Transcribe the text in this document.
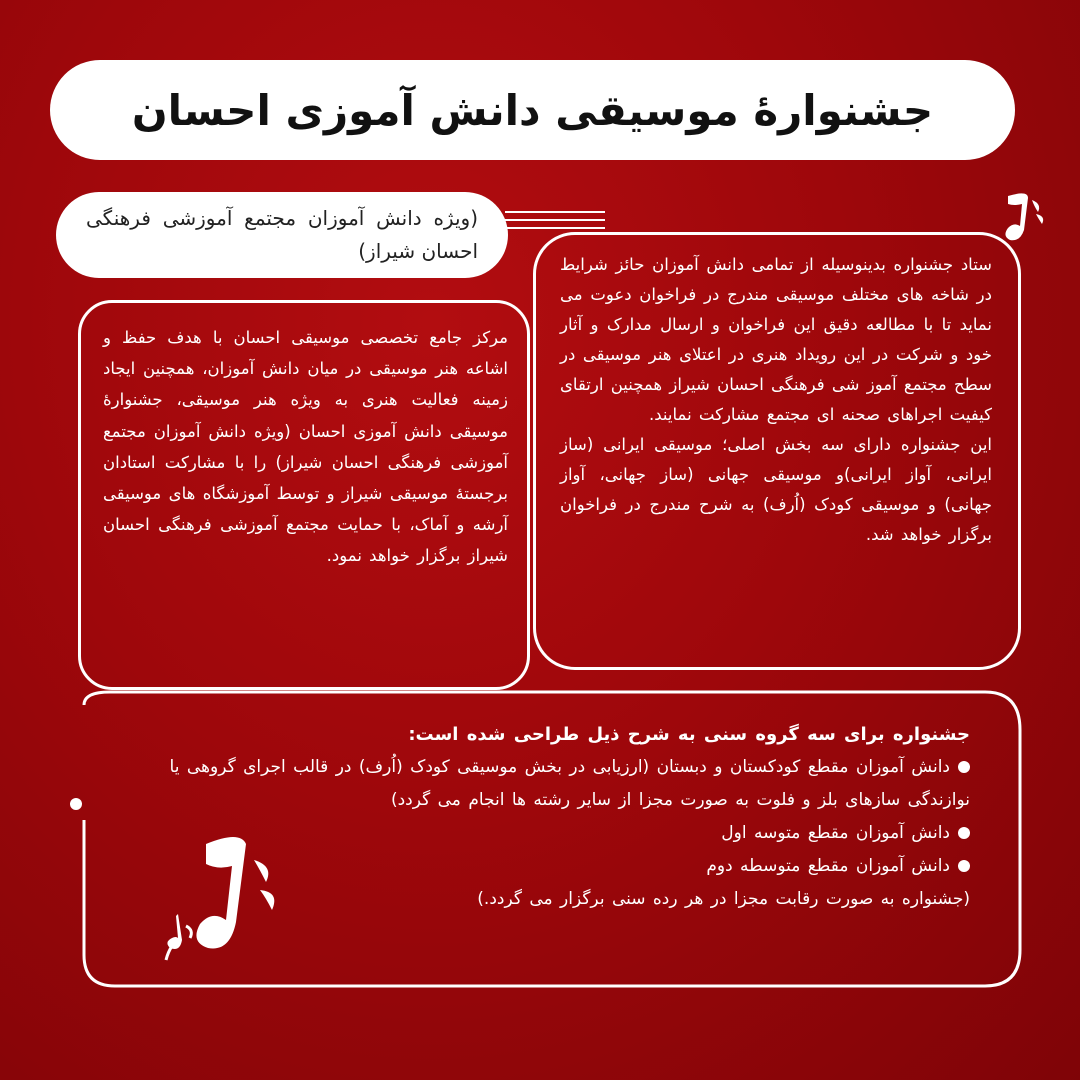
جشنوارۀ موسیقی دانش آموزی احسان
(ویژه دانش آموزان مجتمع آموزشی فرهنگی احسان شیراز)

ستاد جشنواره بدینوسیله از تمامی دانش آموزان حائز شرایط در شاخه های مختلف موسیقی مندرج در فراخوان دعوت می نماید تا با مطالعه دقیق این فراخوان و ارسال مدارک و آثار خود و شرکت در این رویداد هنری در اعتلای هنر موسیقی در سطح مجتمع آموز شی فرهنگی احسان شیراز همچنین ارتقای کیفیت اجراهای صحنه ای مجتمع مشارکت نمایند.

این جشنواره دارای سه بخش اصلی؛ موسیقی ایرانی (ساز ایرانی، آواز ایرانی)و موسیقی جهانی (ساز جهانی، آواز جهانی) و موسیقی کودک (اُرف) به شرح مندرج در فراخوان برگزار خواهد شد.

مرکز جامع تخصصی موسیقی احسان با هدف حفظ و اشاعه هنر موسیقی در میان دانش آموزان، همچنین ایجاد زمینه فعالیت هنری به ویژه هنر موسیقی، جشنوارۀ موسیقی دانش آموزی احسان (ویژه دانش آموزان مجتمع آموزشی فرهنگی احسان شیراز) را با مشارکت استادان برجستۀ موسیقی شیراز و توسط آموزشگاه های موسیقی آرشه و آماک، با حمایت مجتمع آموزشی فرهنگی احسان شیراز برگزار خواهد نمود.

جشنواره برای سه گروه سنی به شرح ذیل طراحی شده است:
دانش آموزان مقطع کودکستان و دبستان (ارزیابی در بخش موسیقی کودک (اُرف) در قالب اجرای گروهی یا نوازندگی سازهای بلز و فلوت به صورت مجزا از سایر رشته ها انجام می گردد)
دانش آموزان مقطع متوسه اول
دانش آموزان مقطع متوسطه دوم
(جشنواره به صورت رقابت مجزا در هر رده سنی برگزار می گردد.)
